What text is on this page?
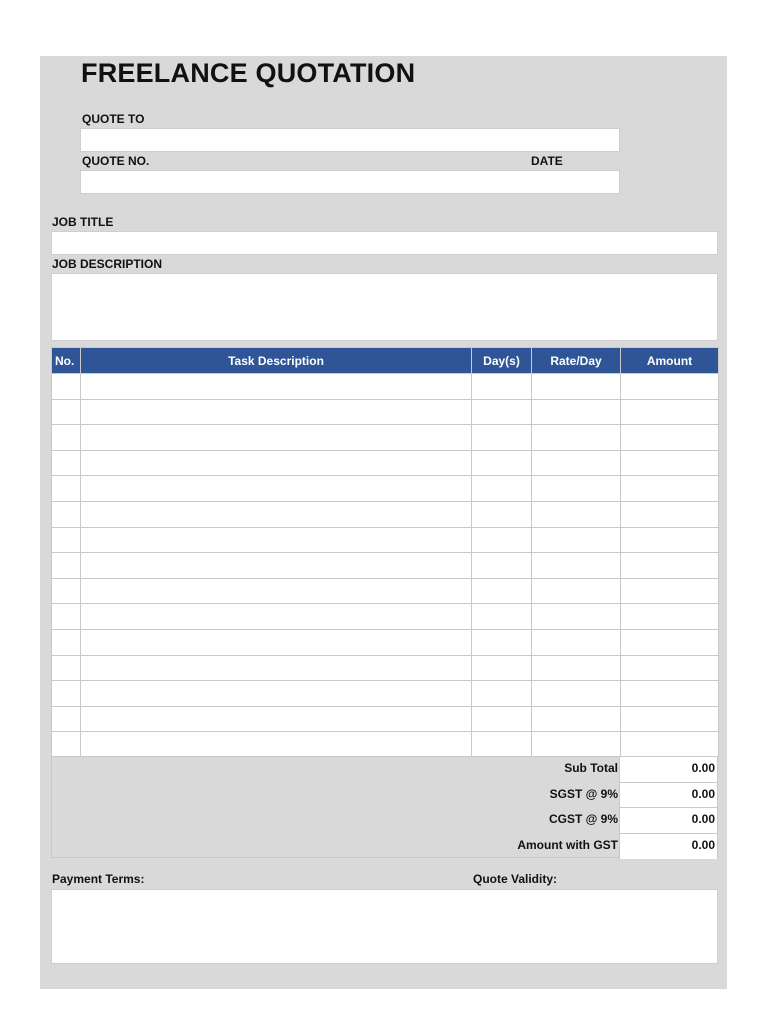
FREELANCE QUOTATION
QUOTE TO
QUOTE NO.	DATE
JOB TITLE
JOB DESCRIPTION
No.	Task Description	Day(s)	Rate/Day	Amount

Sub Total	0.00
SGST @ 9%	0.00
CGST @ 9%	0.00
Amount with GST	0.00
Payment Terms:	Quote Validity:
